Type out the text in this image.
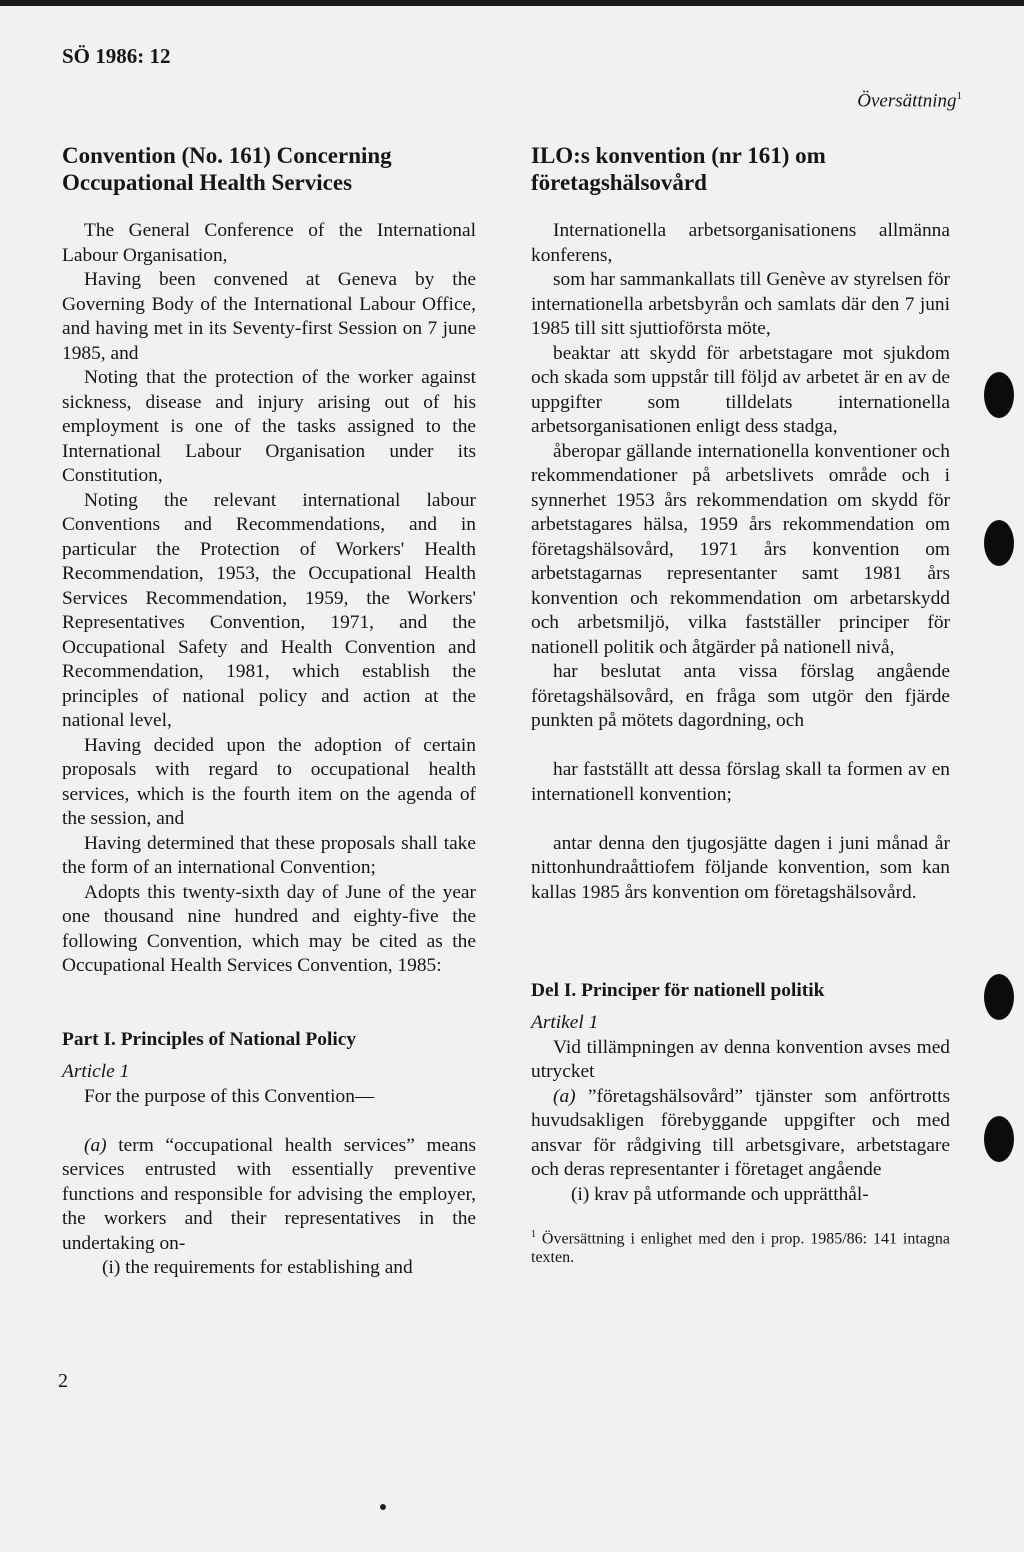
SÖ 1986: 12
Översättning$^1$
Convention (No. 161) Concerning Occupational Health Services

The General Conference of the International Labour Organisation,

Having been convened at Geneva by the Governing Body of the International Labour Office, and having met in its Seventy-first Session on 7 june 1985, and

Noting that the protection of the worker against sickness, disease and injury arising out of his employment is one of the tasks assigned to the International Labour Organisation under its Constitution,

Noting the relevant international labour Conventions and Recommendations, and in particular the Protection of Workers' Health Recommendation, 1953, the Occupational Health Services Recommendation, 1959, the Workers' Representatives Convention, 1971, and the Occupational Safety and Health Convention and Recommendation, 1981, which establish the principles of national policy and action at the national level,

Having decided upon the adoption of certain proposals with regard to occupational health services, which is the fourth item on the agenda of the session, and

Having determined that these proposals shall take the form of an international Convention;

Adopts this twenty-sixth day of June of the year one thousand nine hundred and eighty-five the following Convention, which may be cited as the Occupational Health Services Convention, 1985:

Part I. Principles of National Policy

Article 1

For the purpose of this Convention—

(a) term “occupational health services” means services entrusted with essentially preventive functions and responsible for advising the employer, the workers and their representatives in the undertaking on-

(i) the requirements for establishing and

ILO:s konvention (nr 161) om företagshälsovård

Internationella arbetsorganisationens allmänna konferens,

som har sammankallats till Genève av styrelsen för internationella arbetsbyrån och samlats där den 7 juni 1985 till sitt sjuttioförsta möte,

beaktar att skydd för arbetstagare mot sjukdom och skada som uppstår till följd av arbetet är en av de uppgifter som tilldelats internationella arbetsorganisationen enligt dess stadga,

åberopar gällande internationella konventioner och rekommendationer på arbetslivets område och i synnerhet 1953 års rekommendation om skydd för arbetstagares hälsa, 1959 års rekommendation om företagshälsovård, 1971 års konvention om arbetstagarnas representanter samt 1981 års konvention och rekommendation om arbetarskydd och arbetsmiljö, vilka fastställer principer för nationell politik och åtgärder på nationell nivå,

har beslutat anta vissa förslag angående företagshälsovård, en fråga som utgör den fjärde punkten på mötets dagordning, och

har fastställt att dessa förslag skall ta formen av en internationell konvention;

antar denna den tjugosjätte dagen i juni månad år nittonhundraåttiofem följande konvention, som kan kallas 1985 års konvention om företagshälsovård.

Del I. Principer för nationell politik

Artikel 1

Vid tillämpningen av denna konvention avses med utrycket

(a) ”företagshälsovård” tjänster som anförtrotts huvudsakligen förebyggande uppgifter och med ansvar för rådgiving till arbetsgivare, arbetstagare och deras representanter i företaget angående

(i) krav på utformande och upprätthål-

$^1$ Översättning i enlighet med den i prop. 1985/86: 141 intagna texten.
2
